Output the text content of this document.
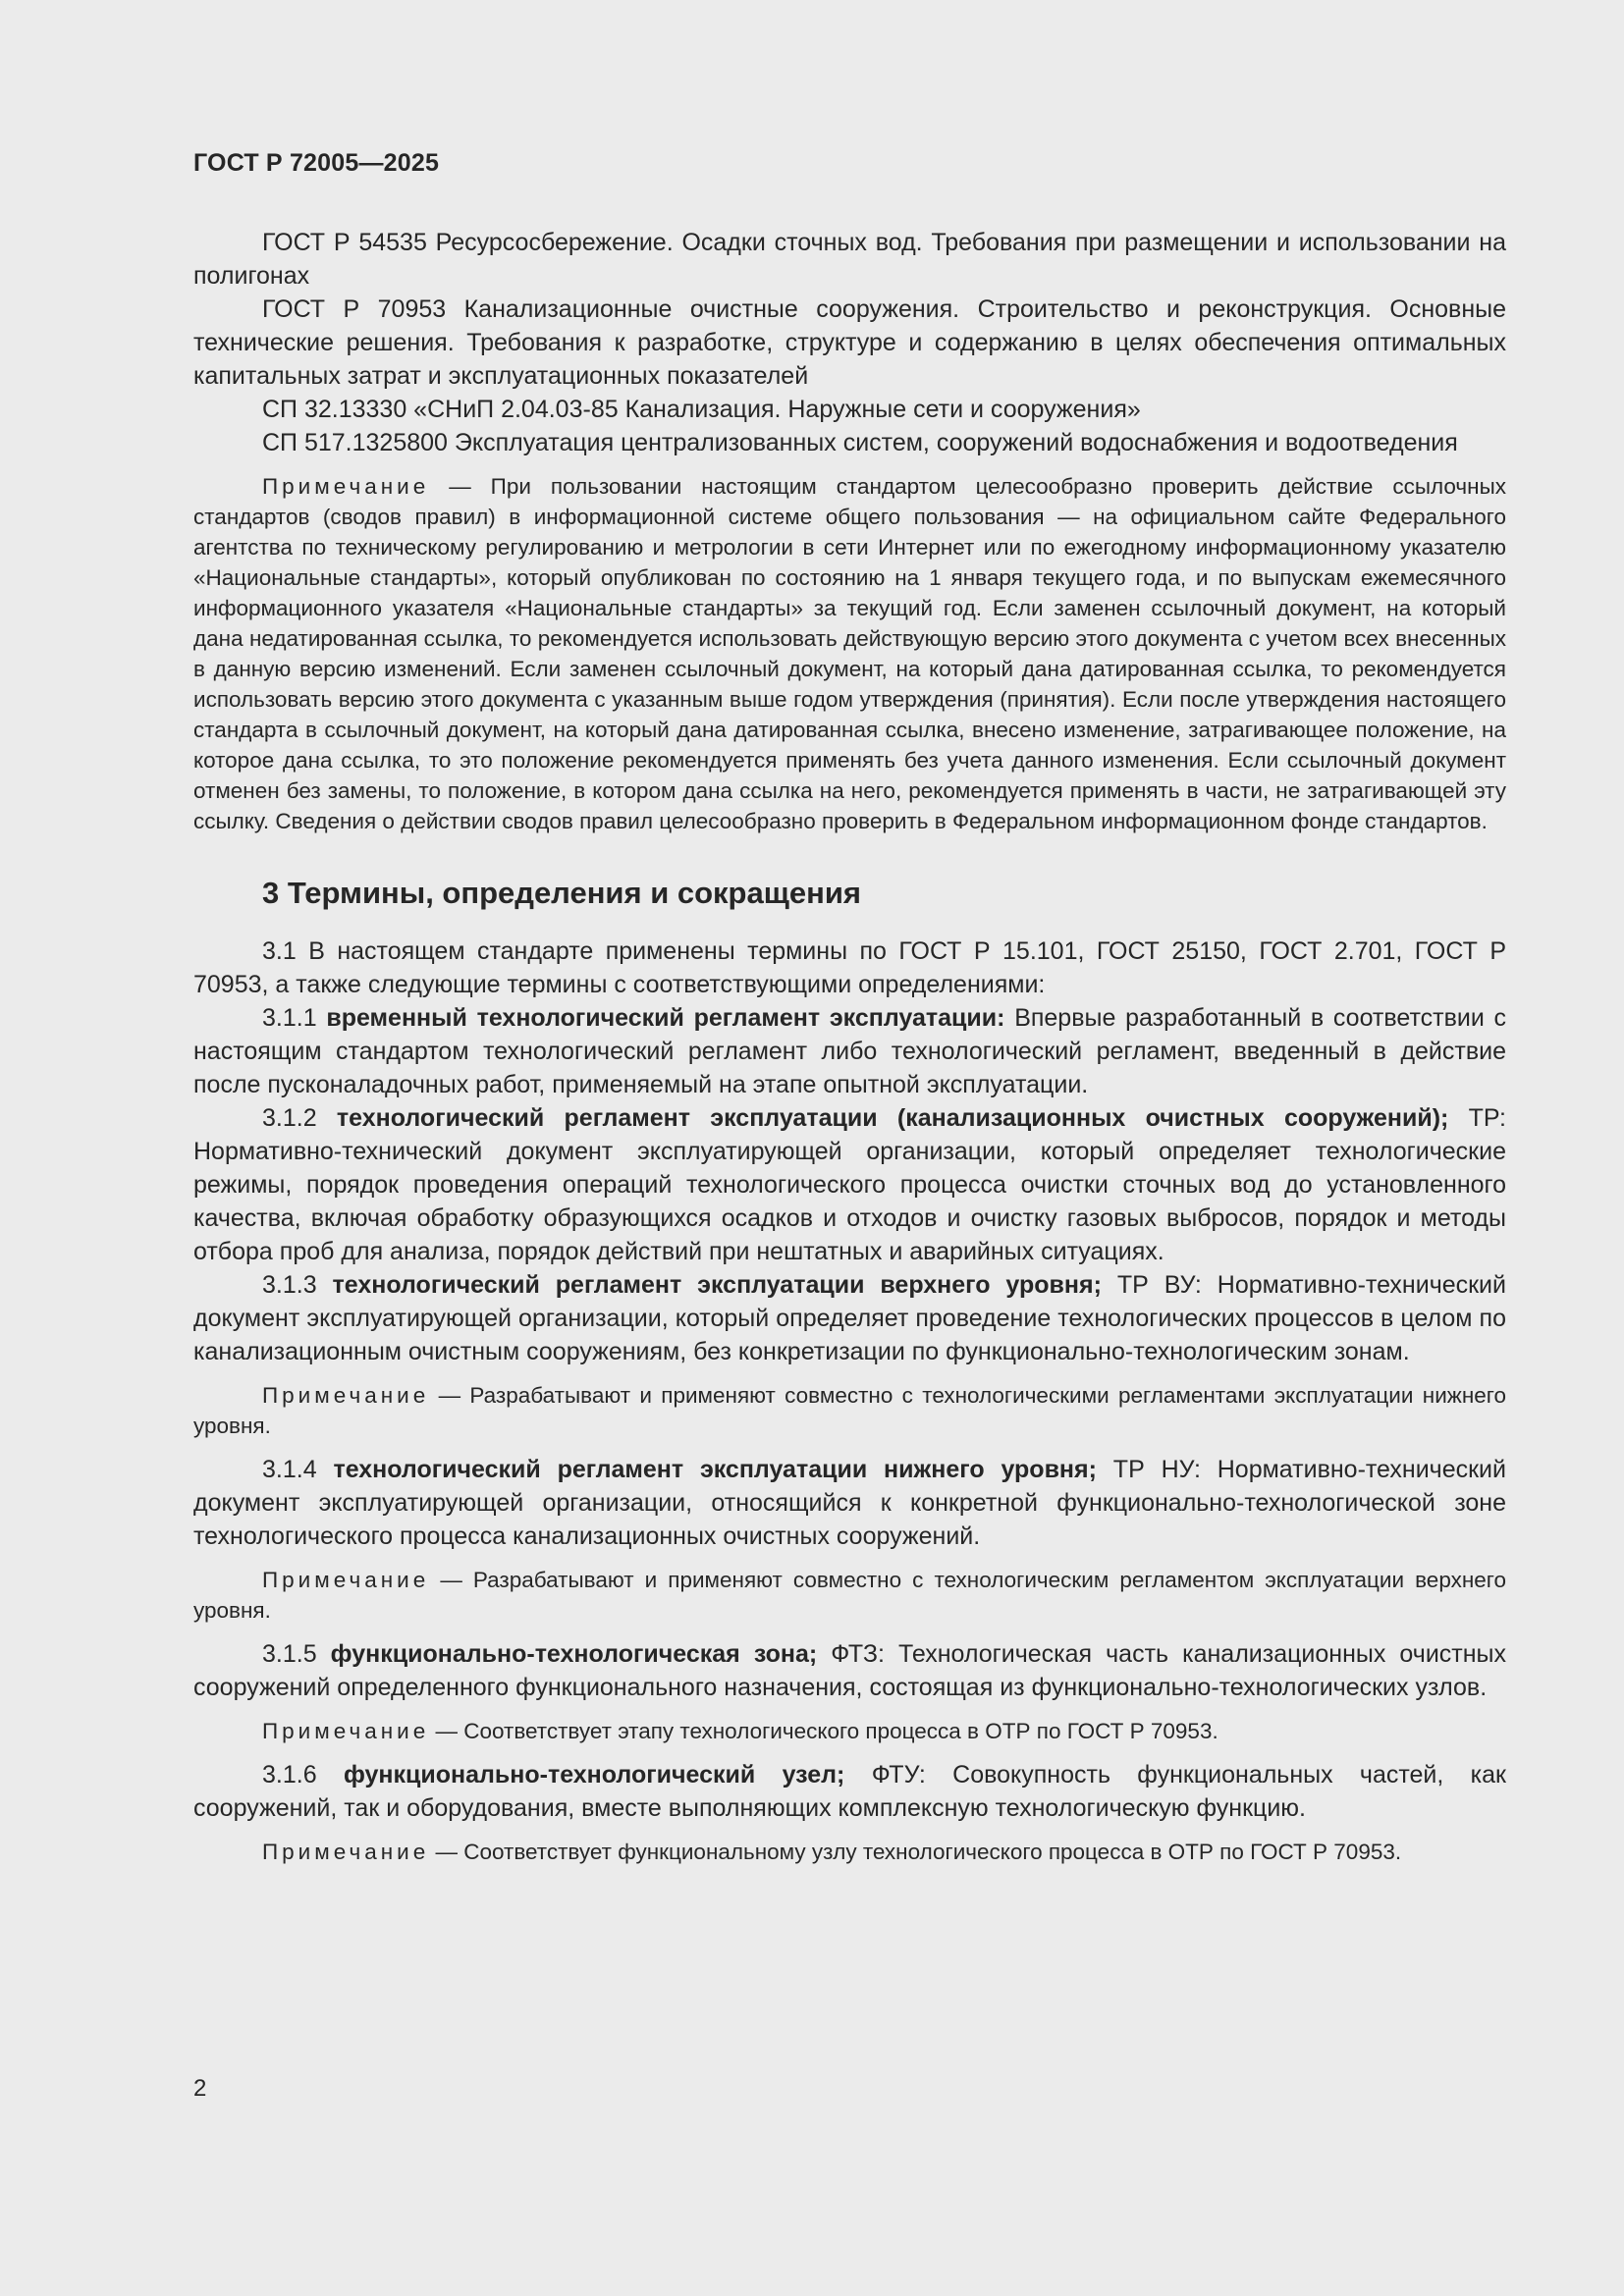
ГОСТ Р 72005—2025

ГОСТ Р 54535 Ресурсосбережение. Осадки сточных вод. Требования при размещении и использовании на полигонах

ГОСТ Р 70953 Канализационные очистные сооружения. Строительство и реконструкция. Основные технические решения. Требования к разработке, структуре и содержанию в целях обеспечения оптимальных капитальных затрат и эксплуатационных показателей

СП 32.13330 «СНиП 2.04.03-85 Канализация. Наружные сети и сооружения»

СП 517.1325800 Эксплуатация централизованных систем, сооружений водоснабжения и водоотведения

Примечание — При пользовании настоящим стандартом целесообразно проверить действие ссылочных стандартов (сводов правил) в информационной системе общего пользования — на официальном сайте Федерального агентства по техническому регулированию и метрологии в сети Интернет или по ежегодному информационному указателю «Национальные стандарты», который опубликован по состоянию на 1 января текущего года, и по выпускам ежемесячного информационного указателя «Национальные стандарты» за текущий год. Если заменен ссылочный документ, на который дана недатированная ссылка, то рекомендуется использовать действующую версию этого документа с учетом всех внесенных в данную версию изменений. Если заменен ссылочный документ, на который дана датированная ссылка, то рекомендуется использовать версию этого документа с указанным выше годом утверждения (принятия). Если после утверждения настоящего стандарта в ссылочный документ, на который дана датированная ссылка, внесено изменение, затрагивающее положение, на которое дана ссылка, то это положение рекомендуется применять без учета данного изменения. Если ссылочный документ отменен без замены, то положение, в котором дана ссылка на него, рекомендуется применять в части, не затрагивающей эту ссылку. Сведения о действии сводов правил целесообразно проверить в Федеральном информационном фонде стандартов.

3 Термины, определения и сокращения

3.1 В настоящем стандарте применены термины по ГОСТ Р 15.101, ГОСТ 25150, ГОСТ 2.701, ГОСТ Р 70953, а также следующие термины с соответствующими определениями:

3.1.1 временный технологический регламент эксплуатации: Впервые разработанный в соответствии с настоящим стандартом технологический регламент либо технологический регламент, введенный в действие после пусконаладочных работ, применяемый на этапе опытной эксплуатации.

3.1.2 технологический регламент эксплуатации (канализационных очистных сооружений); ТР: Нормативно-технический документ эксплуатирующей организации, который определяет технологические режимы, порядок проведения операций технологического процесса очистки сточных вод до установленного качества, включая обработку образующихся осадков и отходов и очистку газовых выбросов, порядок и методы отбора проб для анализа, порядок действий при нештатных и аварийных ситуациях.

3.1.3 технологический регламент эксплуатации верхнего уровня; ТР ВУ: Нормативно-технический документ эксплуатирующей организации, который определяет проведение технологических процессов в целом по канализационным очистным сооружениям, без конкретизации по функционально-технологическим зонам.

Примечание — Разрабатывают и применяют совместно с технологическими регламентами эксплуатации нижнего уровня.

3.1.4 технологический регламент эксплуатации нижнего уровня; ТР НУ: Нормативно-технический документ эксплуатирующей организации, относящийся к конкретной функционально-технологической зоне технологического процесса канализационных очистных сооружений.

Примечание — Разрабатывают и применяют совместно с технологическим регламентом эксплуатации верхнего уровня.

3.1.5 функционально-технологическая зона; ФТЗ: Технологическая часть канализационных очистных сооружений определенного функционального назначения, состоящая из функционально-технологических узлов.

Примечание — Соответствует этапу технологического процесса в ОТР по ГОСТ Р 70953.

3.1.6 функционально-технологический узел; ФТУ: Совокупность функциональных частей, как сооружений, так и оборудования, вместе выполняющих комплексную технологическую функцию.

Примечание — Соответствует функциональному узлу технологического процесса в ОТР по ГОСТ Р 70953.

2
